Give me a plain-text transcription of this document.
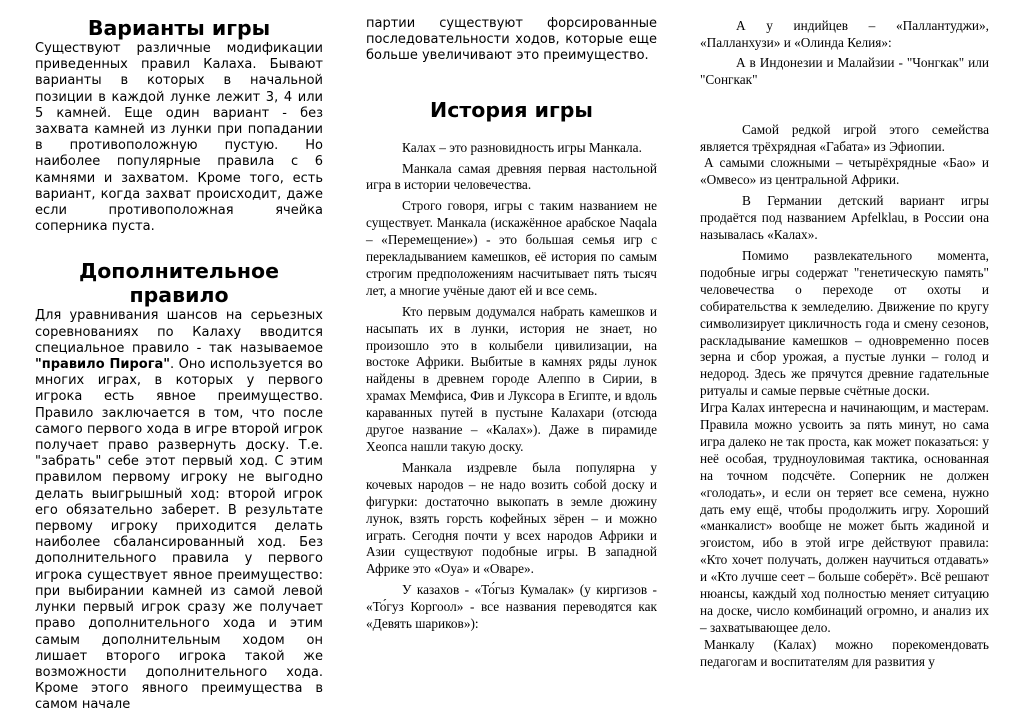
Варианты игры

Существуют различные модификации приведенных правил Калаха. Бывают варианты в которых в начальной позиции в каждой лунке лежит 3, 4 или 5 камней. Еще один вариант - без захвата камней из лунки при попадании в противоположную пустую. Но наиболее популярные правила с 6 камнями и захватом. Кроме того, есть вариант, когда захват происходит, даже если противоположная ячейка соперника пуста.

Дополнительное правило

Для уравнивания шансов на серьезных соревнованиях по Калаху вводится специальное правило - так называемое "правило Пирога". Оно используется во многих играх, в которых у первого игрока есть явное преимущество. Правило заключается в том, что после самого первого хода в игре второй игрок получает право развернуть доску. Т.е. "забрать" себе этот первый ход. С этим правилом первому игроку не выгодно делать выигрышный ход: второй игрок его обязательно заберет. В результате первому игроку приходится делать наиболее сбалансированный ход. Без дополнительного правила у первого игрока существует явное преимущество: при выбирании камней из самой левой лунки первый игрок сразу же получает право дополнительного хода и этим самым дополнительным ходом он лишает второго игрока такой же возможности дополнительного хода. Кроме этого явного преимущества в самом начале

партии существуют форсированные последовательности ходов, которые еще больше увеличивают это преимущество.

История игры

Калах – это разновидность игры Манкала.

Манкала самая древняя первая настольной игра в истории человечества.

Строго говоря, игры с таким названием не существует. Манкала (искажённое арабское Naqala – «Перемещение») - это большая семья игр с перекладыванием камешков, её история по самым строгим предположениям насчитывает пять тысяч лет, а многие учёные дают ей и все семь.

Кто первым додумался набрать камешков и насыпать их в лунки, история не знает, но произошло это в колыбели цивилизации, на востоке Африки. Выбитые в камнях ряды лунок найдены в древнем городе Алеппо в Сирии, в храмах Мемфиса, Фив и Луксора в Египте, и вдоль караванных путей в пустыне Калахари (отсюда другое название – «Калах»). Даже в пирамиде Хеопса нашли такую доску.

Манкала издревле была популярна у кочевых народов – не надо возить собой доску и фигурки: достаточно выкопать в земле дюжину лунок, взять горсть кофейных зёрен – и можно играть. Сегодня почти у всех народов Африки и Азии существуют подобные игры. В западной Африке это «Оуа» и «Оваре».

У казахов - «То́гыз Кумалак» (у киргизов - «То́гуз Коргоол» - все названия переводятся как «Девять шариков»):

А у индийцев – «Паллантуджи», «Палланхузи» и «Олинда Келия»:

А в Индонезии и Малайзии - "Чонгкак" или "Сонгкак"

Самой редкой игрой этого семейства является трёхрядная «Габата» из Эфиопии.

А самыми сложными – четырёхрядные «Бао» и «Омвесо» из центральной Африки.

В Германии детский вариант игры продаётся под названием Apfelklau, в России она называлась «Калах».

Помимо развлекательного момента, подобные игры содержат "генетическую память" человечества о переходе от охоты и собирательства к земледелию. Движение по кругу символизирует цикличность года и смену сезонов, раскладывание камешков – одновременно посев зерна и сбор урожая, а пустые лунки – голод и недород. Здесь же прячутся древние гадательные ритуалы и самые первые счётные доски.

Игра Калах интересна и начинающим, и мастерам. Правила можно усвоить за пять минут, но сама игра далеко не так проста, как может показаться: у неё особая, трудноуловимая тактика, основанная на точном подсчёте. Соперник не должен «голодать», и если он теряет все семена, нужно дать ему ещё, чтобы продолжить игру. Хороший «манкалист» вообще не может быть жадиной и эгоистом, ибо в этой игре действуют правила: «Кто хочет получать, должен научиться отдавать» и «Кто лучше сеет – больше соберёт». Всё решают нюансы, каждый ход полностью меняет ситуацию на доске, число комбинаций огромно, и анализ их – захватывающее дело.

Манкалу (Калах) можно порекомендовать педагогам и воспитателям для развития у
